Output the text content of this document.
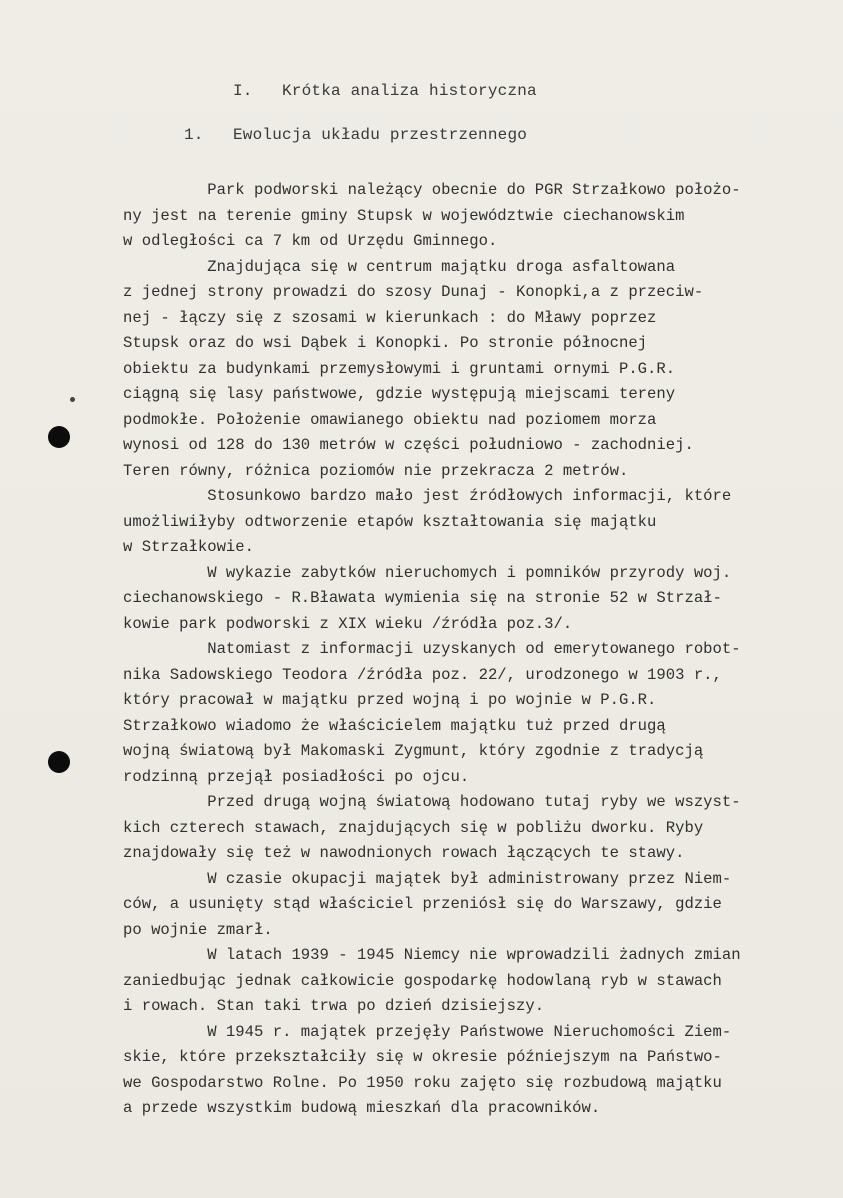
I.   Krótka analiza historyczna
1.   Ewolucja układu przestrzennego
Park podworski należący obecnie do PGR Strzałkowo położo-
ny jest na terenie gminy Stupsk w województwie ciechanowskim
w odległości ca 7 km od Urzędu Gminnego.
Znajdująca się w centrum majątku droga asfaltowana
z jednej strony prowadzi do szosy Dunaj - Konopki,a z przeciw-
nej - łączy się z szosami w kierunkach : do Mławy poprzez
Stupsk oraz do wsi Dąbek i Konopki. Po stronie północnej
obiektu za budynkami przemysłowymi i gruntami ornymi P.G.R.
ciągną się lasy państwowe, gdzie występują miejscami tereny
podmokłe. Położenie omawianego obiektu nad poziomem morza
wynosi od 128 do 130 metrów w części południowo - zachodniej.
Teren równy, różnica poziomów nie przekracza 2 metrów.
Stosunkowo bardzo mało jest źródłowych informacji, które
umożliwiłyby odtworzenie etapów kształtowania się majątku
w Strzałkowie.
W wykazie zabytków nieruchomych i pomników przyrody woj.
ciechanowskiego - R.Bławata wymienia się na stronie 52 w Strzał-
kowie park podworski z XIX wieku /źródła poz.3/.
Natomiast z informacji uzyskanych od emerytowanego robot-
nika Sadowskiego Teodora /źródła poz. 22/, urodzonego w 1903 r.,
który pracował w majątku przed wojną i po wojnie w P.G.R.
Strzałkowo wiadomo że właścicielem majątku tuż przed drugą
wojną światową był Makomaski Zygmunt, który zgodnie z tradycją
rodzinną przejął posiadłości po ojcu.
Przed drugą wojną światową hodowano tutaj ryby we wszyst-
kich czterech stawach, znajdujących się w pobliżu dworku. Ryby
znajdowały się też w nawodnionych rowach łączących te stawy.
W czasie okupacji majątek był administrowany przez Niem-
ców, a usunięty stąd właściciel przeniósł się do Warszawy, gdzie
po wojnie zmarł.
W latach 1939 - 1945 Niemcy nie wprowadzili żadnych zmian
zaniedbując jednak całkowicie gospodarkę hodowlaną ryb w stawach
i rowach. Stan taki trwa po dzień dzisiejszy.
W 1945 r. majątek przejęły Państwowe Nieruchomości Ziem-
skie, które przekształciły się w okresie późniejszym na Państwo-
we Gospodarstwo Rolne. Po 1950 roku zajęto się rozbudową majątku
a przede wszystkim budową mieszkań dla pracowników.
